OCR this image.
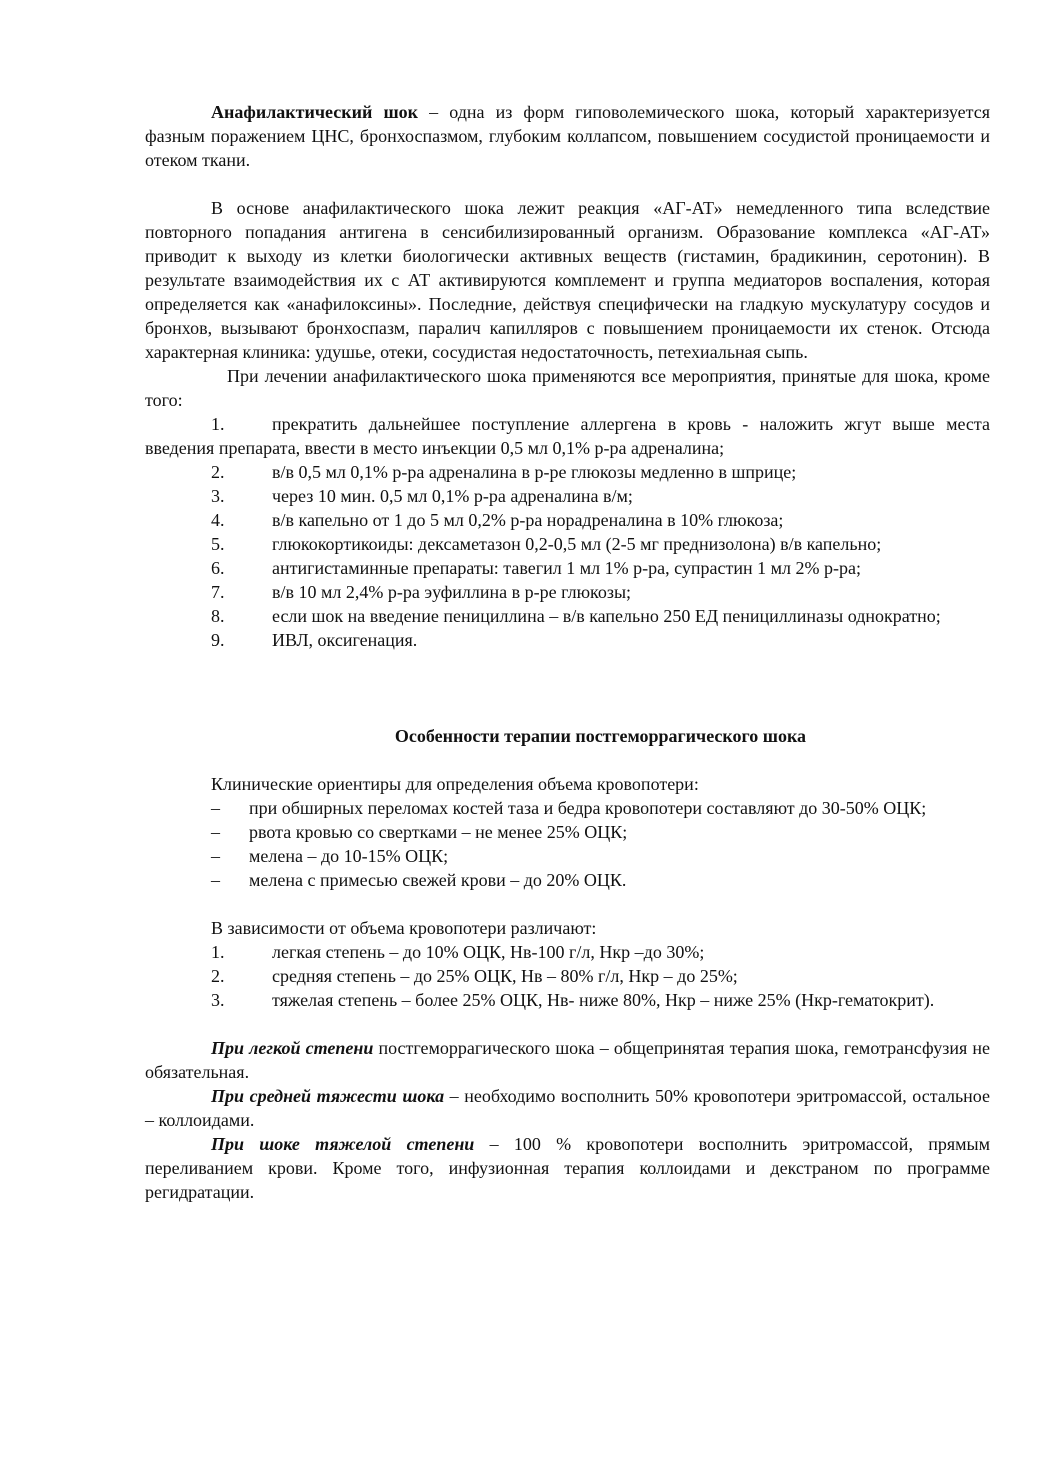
Анафилактический шок – одна из форм гиповолемического шока, который характеризуется фазным поражением ЦНС, бронхоспазмом, глубоким коллапсом, повышением сосудистой проницаемости и отеком ткани.

В основе анафилактического шока лежит реакция «АГ-АТ» немедленного типа вследствие повторного попадания антигена в сенсибилизированный организм. Образование комплекса «АГ-АТ» приводит к выходу из клетки биологически активных веществ (гистамин, брадикинин, серотонин). В результате взаимодействия их с АТ активируются комплемент и группа медиаторов воспаления, которая определяется как «анафилоксины». Последние, действуя специфически на гладкую мускулатуру сосудов и бронхов, вызывают бронхоспазм, паралич капилляров с повышением проницаемости их стенок. Отсюда характерная клиника: удушье, отеки, сосудистая недостаточность, петехиальная сыпь.

При лечении анафилактического шока применяются все мероприятия, принятые для шока, кроме того:

1.	прекратить дальнейшее поступление аллергена в кровь - наложить жгут выше места введения препарата, ввести в место инъекции 0,5 мл 0,1% р-ра адреналина;

2.	в/в 0,5 мл 0,1% р-ра адреналина в р-ре глюкозы медленно в шприце;

3.	через 10 мин. 0,5 мл 0,1% р-ра адреналина в/м;

4.	в/в капельно от 1 до 5 мл 0,2% р-ра норадреналина в 10% глюкоза;

5.	глюкокортикоиды: дексаметазон 0,2-0,5 мл (2-5 мг преднизолона) в/в капельно;

6.	антигистаминные препараты: тавегил 1 мл 1% р-ра, супрастин 1 мл 2% р-ра;

7.	в/в 10 мл 2,4% р-ра эуфиллина в р-ре глюкозы;

8.	если шок на введение пенициллина – в/в капельно 250 ЕД пенициллиназы однократно;

9.	ИВЛ, оксигенация.

Особенности терапии постгеморрагического шока

Клинические ориентиры для определения объема кровопотери:

– при обширных переломах костей таза и бедра кровопотери составляют до 30-50% ОЦК;

– рвота кровью со свертками – не менее 25% ОЦК;

– мелена – до 10-15% ОЦК;

– мелена с примесью свежей крови – до 20% ОЦК.

В зависимости от объема кровопотери различают:

1.	легкая степень – до 10% ОЦК, Нв-100 г/л, Нкр –до 30%;

2.	средняя степень – до 25% ОЦК, Нв – 80% г/л, Нкр – до 25%;

3.	тяжелая степень – более 25% ОЦК, Нв- ниже 80%, Нкр – ниже 25% (Нкр-гематокрит).

При легкой степени постгеморрагического шока – общепринятая терапия шока, гемотрансфузия не обязательная.

При средней тяжести шока – необходимо восполнить 50% кровопотери эритромассой, остальное – коллоидами.

При шоке тяжелой степени – 100 % кровопотери восполнить эритромассой, прямым переливанием крови. Кроме того, инфузионная терапия коллоидами и декстраном по программе регидратации.
